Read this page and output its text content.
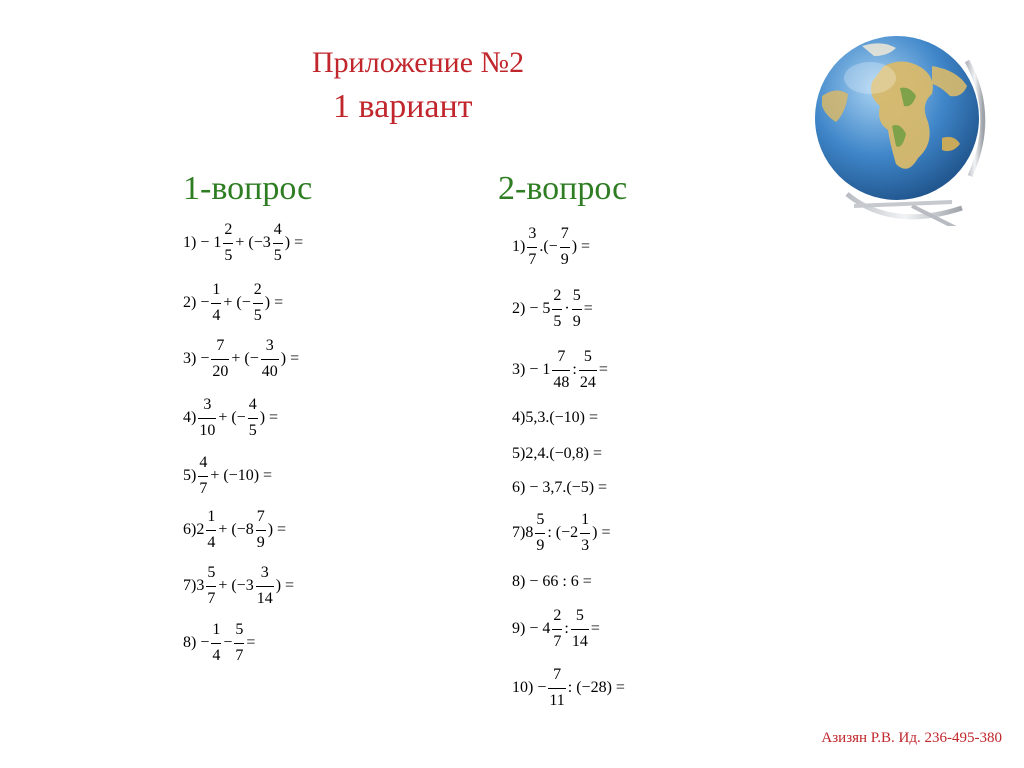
Приложение №2
1 вариант
1-вопрос	2-вопрос
$1) - 1 \frac{2}{5} + (-3 \frac{4}{5}$ ) =
$2) - \frac{1}{4}$ + (− $\frac{2}{5}$ ) =
$3) - \frac{7}{20}$ + (− $\frac{3}{40}$ ) =
$4) \frac{3}{10}$ + (− $\frac{4}{5}$ ) =
$5) \frac{4}{7} + (-10)$ =
$6)2 \frac{1}{4} + (-8 \frac{7}{9}$ ) =
$7)3 \frac{5}{7} + (-3 \frac{3}{14}$ ) =
$8) - \frac{1}{4} - \frac{5}{7}$ =
$1) \frac{3}{7}$ .(− $\frac{7}{9}$ ) =
$2) - 5 \frac{2}{5} \cdot \frac{5}{9}$ =
$3) - 1 \frac{7}{48}$ : $\frac{5}{24}$ =
4)5,3.(−10) =
5)2,4.(−0,8) =
6) − 3,7.(−5) =
$7)8 \frac{5}{9}$ : ($-2 \frac{1}{3}$ ) =
8) − 66 : 6 =
$9) - 4 \frac{2}{7}$ : $\frac{5}{14}$ =
$10) - \frac{7}{11}$ : (−28) =
Азизян Р.В. Ид. 236-495-380
